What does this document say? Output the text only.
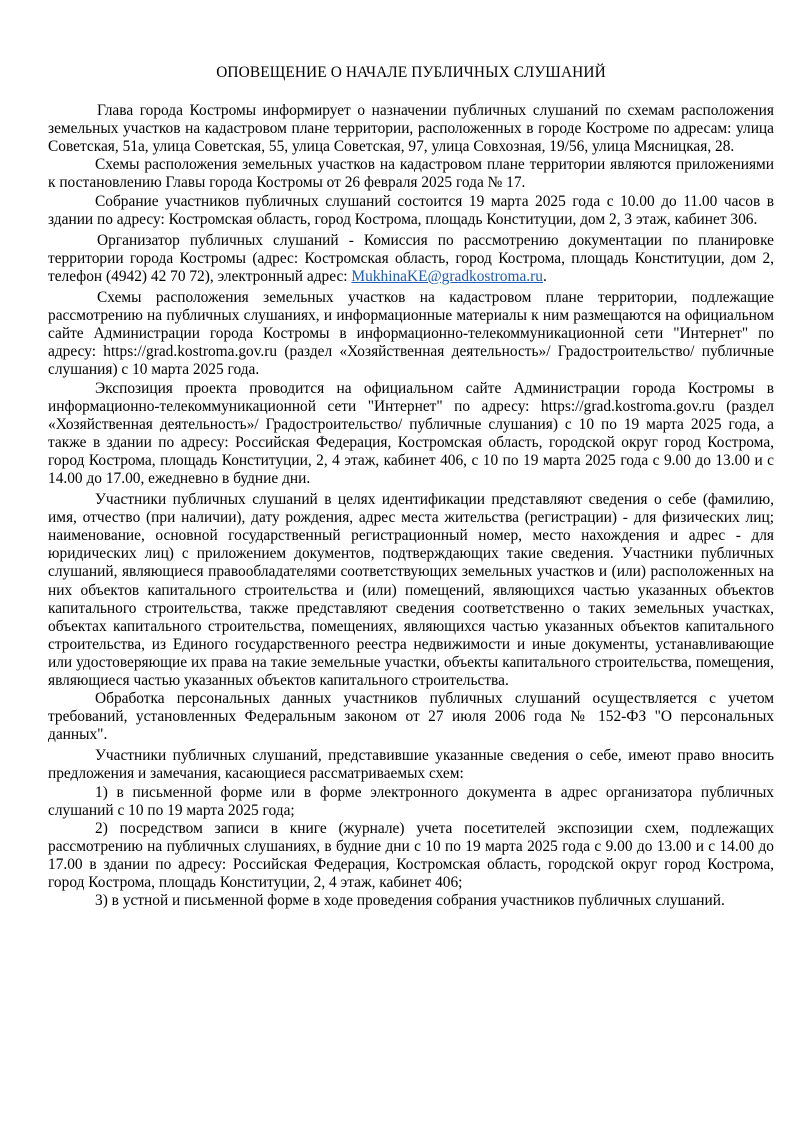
ОПОВЕЩЕНИЕ О НАЧАЛЕ ПУБЛИЧНЫХ СЛУШАНИЙ

Глава города Костромы информирует о назначении публичных слушаний по схемам расположения земельных участков на кадастровом плане территории, расположенных в городе Костроме по адресам: улица Советская, 51а, улица Советская, 55, улица Советская, 97, улица Совхозная, 19/56, улица Мясницкая, 28.

Схемы расположения земельных участков на кадастровом плане территории являются приложениями к постановлению Главы города Костромы от 26 февраля 2025 года № 17.

Собрание участников публичных слушаний состоится 19 марта 2025 года с 10.00 до 11.00 часов в здании по адресу: Костромская область, город Кострома, площадь Конституции, дом 2, 3 этаж, кабинет 306.

Организатор публичных слушаний - Комиссия по рассмотрению документации по планировке территории города Костромы (адрес: Костромская область, город Кострома, площадь Конституции, дом 2, телефон (4942) 42 70 72), электронный адрес: MukhinaKE@gradkostroma.ru.

Схемы расположения земельных участков на кадастровом плане территории, подлежащие рассмотрению на публичных слушаниях, и информационные материалы к ним размещаются на официальном сайте Администрации города Костромы в информационно-телекоммуникационной сети "Интернет" по адресу: https://grad.kostroma.gov.ru (раздел «Хозяйственная деятельность»/ Градостроительство/ публичные слушания) с 10 марта 2025 года.

Экспозиция проекта проводится на официальном сайте Администрации города Костромы в информационно-телекоммуникационной сети "Интернет" по адресу: https://grad.kostroma.gov.ru (раздел «Хозяйственная деятельность»/ Градостроительство/ публичные слушания) с 10 по 19 марта 2025 года, а также в здании по адресу: Российская Федерация, Костромская область, городской округ город Кострома, город Кострома, площадь Конституции, 2, 4 этаж, кабинет 406, с 10 по 19 марта 2025 года с 9.00 до 13.00 и с 14.00 до 17.00, ежедневно в будние дни.

Участники публичных слушаний в целях идентификации представляют сведения о себе (фамилию, имя, отчество (при наличии), дату рождения, адрес места жительства (регистрации) - для физических лиц; наименование, основной государственный регистрационный номер, место нахождения и адрес - для юридических лиц) с приложением документов, подтверждающих такие сведения. Участники публичных слушаний, являющиеся правообладателями соответствующих земельных участков и (или) расположенных на них объектов капитального строительства и (или) помещений, являющихся частью указанных объектов капитального строительства, также представляют сведения соответственно о таких земельных участках, объектах капитального строительства, помещениях, являющихся частью указанных объектов капитального строительства, из Единого государственного реестра недвижимости и иные документы, устанавливающие или удостоверяющие их права на такие земельные участки, объекты капитального строительства, помещения, являющиеся частью указанных объектов капитального строительства.

Обработка персональных данных участников публичных слушаний осуществляется с учетом требований, установленных Федеральным законом от 27 июля 2006 года № 152-ФЗ "О персональных данных".

Участники публичных слушаний, представившие указанные сведения о себе, имеют право вносить предложения и замечания, касающиеся рассматриваемых схем:

1) в письменной форме или в форме электронного документа в адрес организатора публичных слушаний с 10 по 19 марта 2025 года;

2) посредством записи в книге (журнале) учета посетителей экспозиции схем, подлежащих рассмотрению на публичных слушаниях, в будние дни с 10 по 19 марта 2025 года с 9.00 до 13.00 и с 14.00 до 17.00 в здании по адресу: Российская Федерация, Костромская область, городской округ город Кострома, город Кострома, площадь Конституции, 2, 4 этаж, кабинет 406;

3) в устной и письменной форме в ходе проведения собрания участников публичных слушаний.
